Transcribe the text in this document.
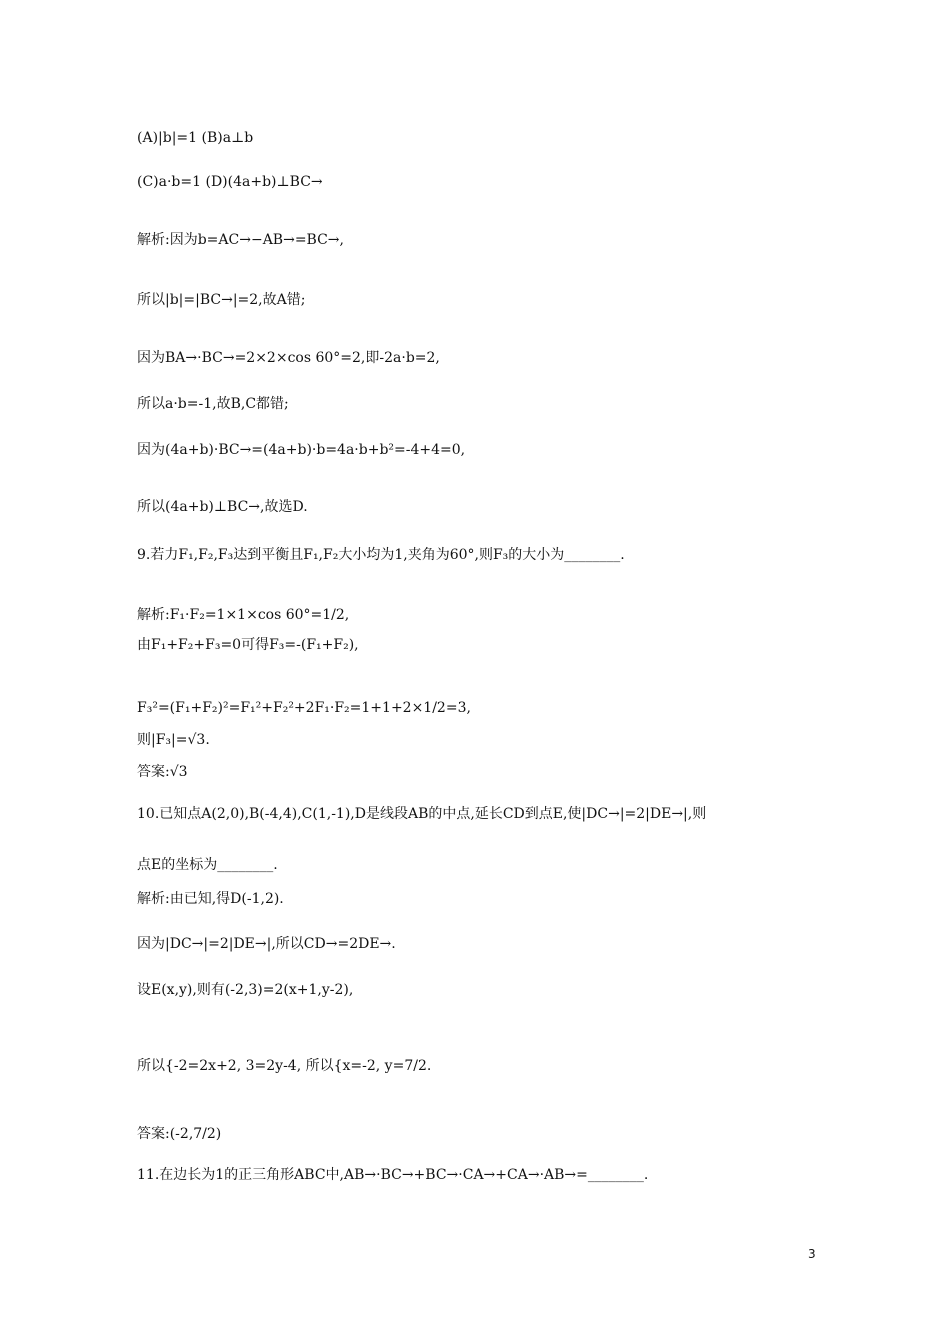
(A)|b|=1 (B)a⊥b
(C)a·b=1 (D)(4a+b)⊥BC→
解析:因为b=AC→−AB→=BC→,
所以|b|=|BC→|=2,故A错;
因为BA→·BC→=2×2×cos 60°=2,即-2a·b=2,
所以a·b=-1,故B,C都错;
因为(4a+b)·BC→=(4a+b)·b=4a·b+b²=-4+4=0,
所以(4a+b)⊥BC→,故选D.
9.若力F₁,F₂,F₃达到平衡且F₁,F₂大小均为1,夹角为60°,则F₃的大小为________.
解析:F₁·F₂=1×1×cos 60°=1/2,
由F₁+F₂+F₃=0可得F₃=-(F₁+F₂),
F₃²=(F₁+F₂)²=F₁²+F₂²+2F₁·F₂=1+1+2×1/2=3,
则|F₃|=√3.
答案:√3
10.已知点A(2,0),B(-4,4),C(1,-1),D是线段AB的中点,延长CD到点E,使|DC→|=2|DE→|,则
点E的坐标为________.
解析:由已知,得D(-1,2).
因为|DC→|=2|DE→|,所以CD→=2DE→.
设E(x,y),则有(-2,3)=2(x+1,y-2),
所以{-2=2x+2, 3=2y-4, 所以{x=-2, y=7/2.
答案:(-2,7/2)
11.在边长为1的正三角形ABC中,AB→·BC→+BC→·CA→+CA→·AB→=________.
3
